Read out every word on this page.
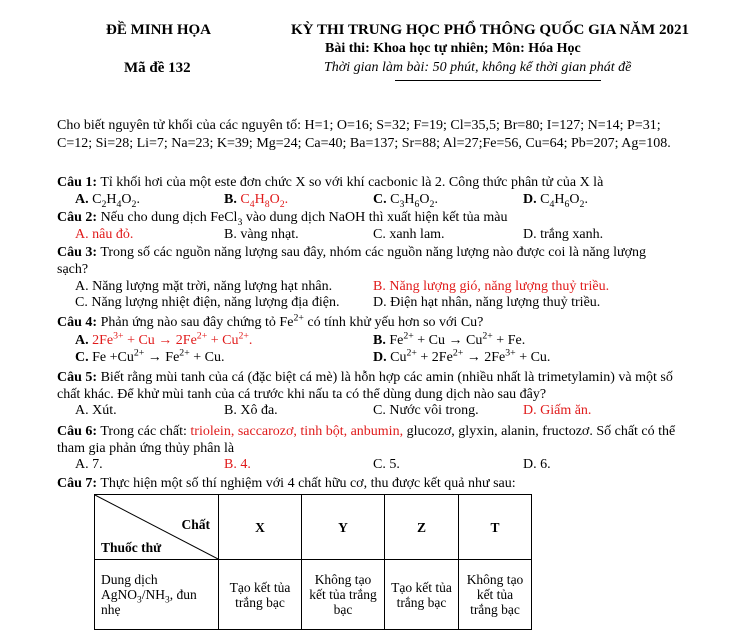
ĐỀ MINH HỌA	KỲ THI TRUNG HỌC PHỔ THÔNG QUỐC GIA NĂM 2021
Bài thi: Khoa học tự nhiên; Môn: Hóa Học
Mã đề 132	Thời gian làm bài: 50 phút, không kể thời gian phát đề
Cho biết nguyên tử khối của các nguyên tố: H=1; O=16; S=32; F=19; Cl=35,5; Br=80; I=127; N=14; P=31;
C=12; Si=28; Li=7; Na=23; K=39; Mg=24; Ca=40; Ba=137; Sr=88; Al=27;Fe=56, Cu=64; Pb=207; Ag=108.
Câu 1: Tỉ khối hơi của một este đơn chức X so với khí cacbonic là 2. Công thức phân tử của X là
A. $C_2H_4O_2$.	B. $C_4H_8O_2$.	C. $C_3H_6O_2$.	D. $C_4H_6O_2$.
Câu 2: Nếu cho dung dịch FeCl$_3$ vào dung dịch NaOH thì xuất hiện kết tủa màu
A. nâu đỏ.	B. vàng nhạt.	C. xanh lam.	D. trắng xanh.
Câu 3: Trong số các nguồn năng lượng sau đây, nhóm các nguồn năng lượng nào được coi là năng lượng
sạch?
A. Năng lượng mặt trời, năng lượng hạt nhân.	B. Năng lượng gió, năng lượng thuỷ triều.
C. Năng lượng nhiệt điện, năng lượng địa điện. D. Điện hạt nhân, năng lượng thuỷ triều.
Câu 4: Phản ứng nào sau đây chứng tỏ $Fe^{2+}$ có tính khử yếu hơn so với Cu?
A. $2Fe^{3+} + Cu \to 2Fe^{2+} + Cu^{2+}$.	B. $Fe^{2+} + Cu \to Cu^{2+} + Fe$.
C. $Fe +Cu^{2+} \to Fe^{2+} + Cu$.	D. $Cu^{2+} + 2Fe^{2+} \to 2Fe^{3+} + Cu$.
Câu 5: Biết rằng mùi tanh của cá (đặc biệt cá mè) là hỗn hợp các amin (nhiều nhất là trimetylamin) và một số
chất khác. Để khử mùi tanh của cá trước khi nấu ta có thể dùng dung dịch nào sau đây?
A. Xút.	B. Xô đa.	C. Nước vôi trong.	D. Giấm ăn.
Câu 6: Trong các chất: triolein, saccarozơ, tinh bột, anbumin, glucozơ, glyxin, alanin, fructozơ. Số chất có thể
tham gia phản ứng thủy phân là
A. 7.	B. 4.	C. 5.	D. 6.
Câu 7: Thực hiện một số thí nghiệm với 4 chất hữu cơ, thu được kết quả như sau:
Chất
Thuốc thử	X	Y	Z	T

Dung dịch
$AgNO_3/NH_3$, đun
nhẹ	Tạo kết tủa trắng bạc	Không tạo kết tủa trắng bạc	Tạo kết tủa trắng bạc	Không tạo kết tủa trắng bạc
